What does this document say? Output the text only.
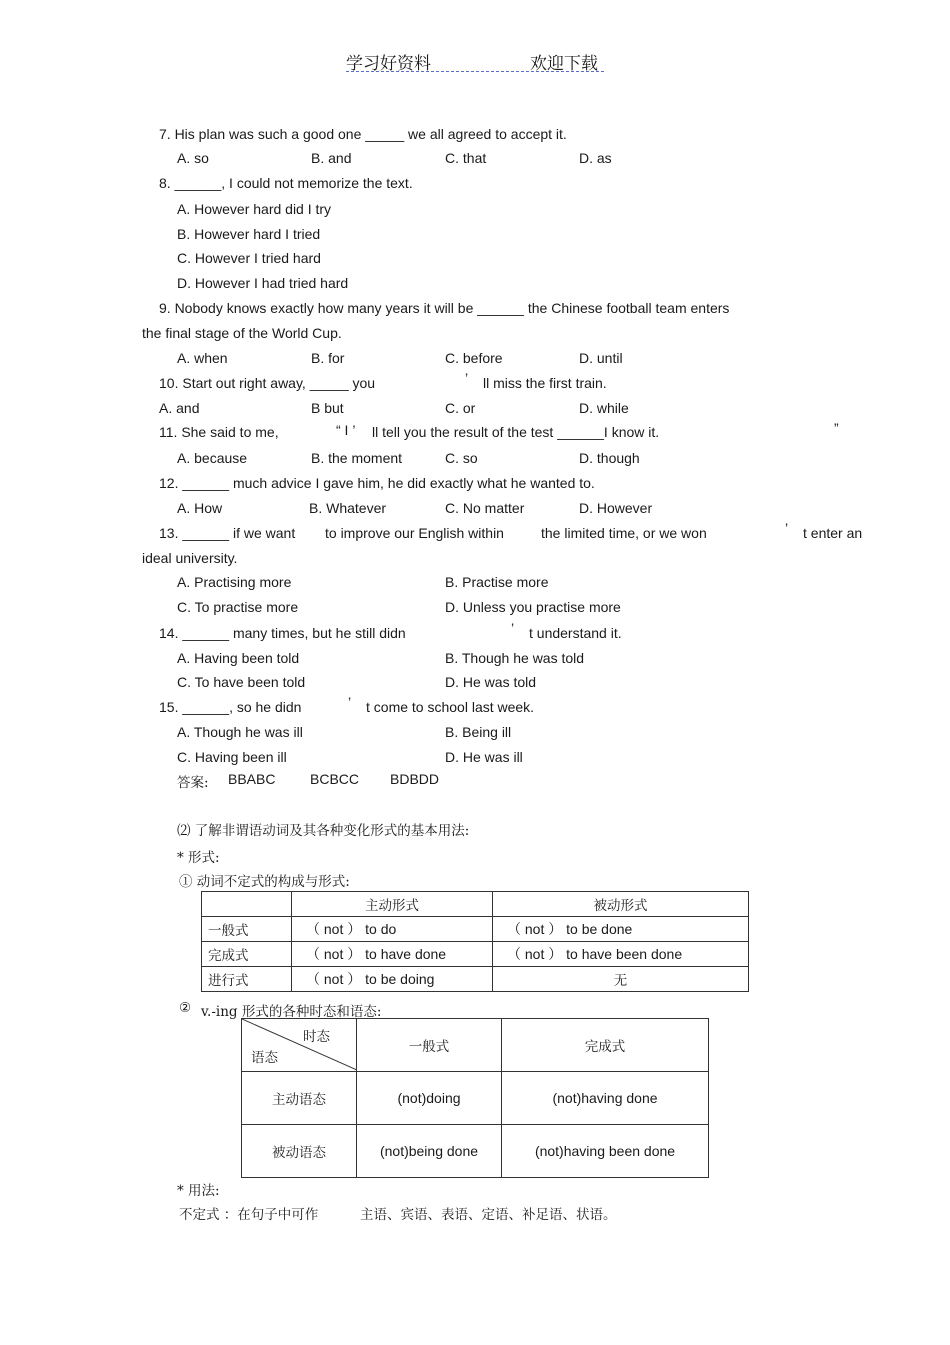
学习好资料	欢迎下载
7. His plan was such a good one _____ we all agreed to accept it.
A. so	B. and	C. that	D. as
8. ______, I could not memorize the text.
A. However hard did I try
B. However hard I tried
C. However I tried hard
D. However I had tried hard
9. Nobody knows exactly how many years it will be ______ the Chinese football team enters
the final stage of the World Cup.
A. when	B. for	C. before	D. until
10. Start out right away, _____ you	’ ll miss the first train.
A. and	B but	C. or	D. while
11. She said to me,	“ I ’ ll tell you the result of the test ______I know it.	”
A. because	B. the moment	C. so	D. though
12. ______ much advice I gave him, he did exactly what he wanted to.
A. How	B. Whatever	C. No matter	D. However
13. ______ if we want to improve our English within	the limited time, or we won	’ t enter an
ideal university.
A. Practising more	B. Practise more
C. To practise more	D. Unless you practise more
14. ______ many times, but he still didn	’ t understand it.
A. Having been told	B. Though he was told
C. To have been told	D. He was told
15. ______, so he didn	’ t come to school last week.
A. Though he was ill	B. Being ill
C. Having been ill	D. He was ill
答案: BBABC BCBCC BDBDD
⑵ 了解非谓语动词及其各种变化形式的基本用法:
* 形式:
① 动词不定式的构成与形式:
	主动形式	被动形式
一般式	（ not ） to do	（ not ） to be done
完成式	（ not ） to have done	（ not ） to have been done
进行式	（ not ） to be doing	无
② v.-ing 形式的各种时态和语态:
时态
语态	一般式	完成式
主动语态	(not)doing	(not)having done
被动语态	(not)being done	(not)having been done
* 用法:
不定式 ：在句子中可作	主语、宾语、表语、定语、补足语、状语。
